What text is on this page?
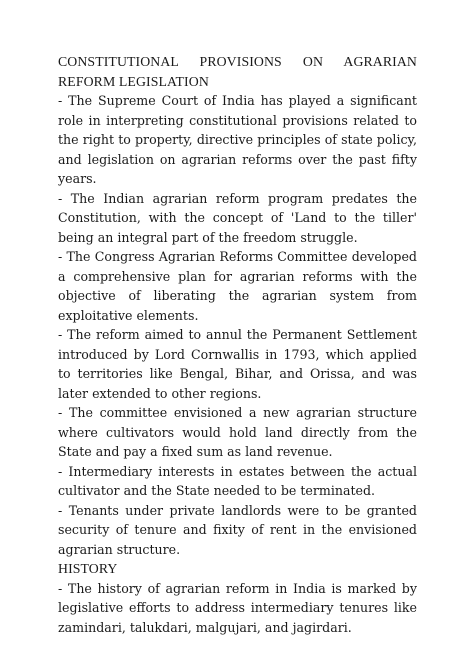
CONSTITUTIONAL PROVISIONS ON AGRARIAN REFORM LEGISLATION

- The Supreme Court of India has played a significant role in interpreting constitutional provisions related to the right to property, directive principles of state policy, and legislation on agrarian reforms over the past fifty years.

- The Indian agrarian reform program predates the Constitution, with the concept of 'Land to the tiller' being an integral part of the freedom struggle.

- The Congress Agrarian Reforms Committee developed a comprehensive plan for agrarian reforms with the objective of liberating the agrarian system from exploitative elements.

- The reform aimed to annul the Permanent Settlement introduced by Lord Cornwallis in 1793, which applied to territories like Bengal, Bihar, and Orissa, and was later extended to other regions.

- The committee envisioned a new agrarian structure where cultivators would hold land directly from the State and pay a fixed sum as land revenue.

- Intermediary interests in estates between the actual cultivator and the State needed to be terminated.

- Tenants under private landlords were to be granted security of tenure and fixity of rent in the envisioned agrarian structure.

HISTORY

- The history of agrarian reform in India is marked by legislative efforts to address intermediary tenures like zamindari, talukdari, malgujari, and jagirdari.
